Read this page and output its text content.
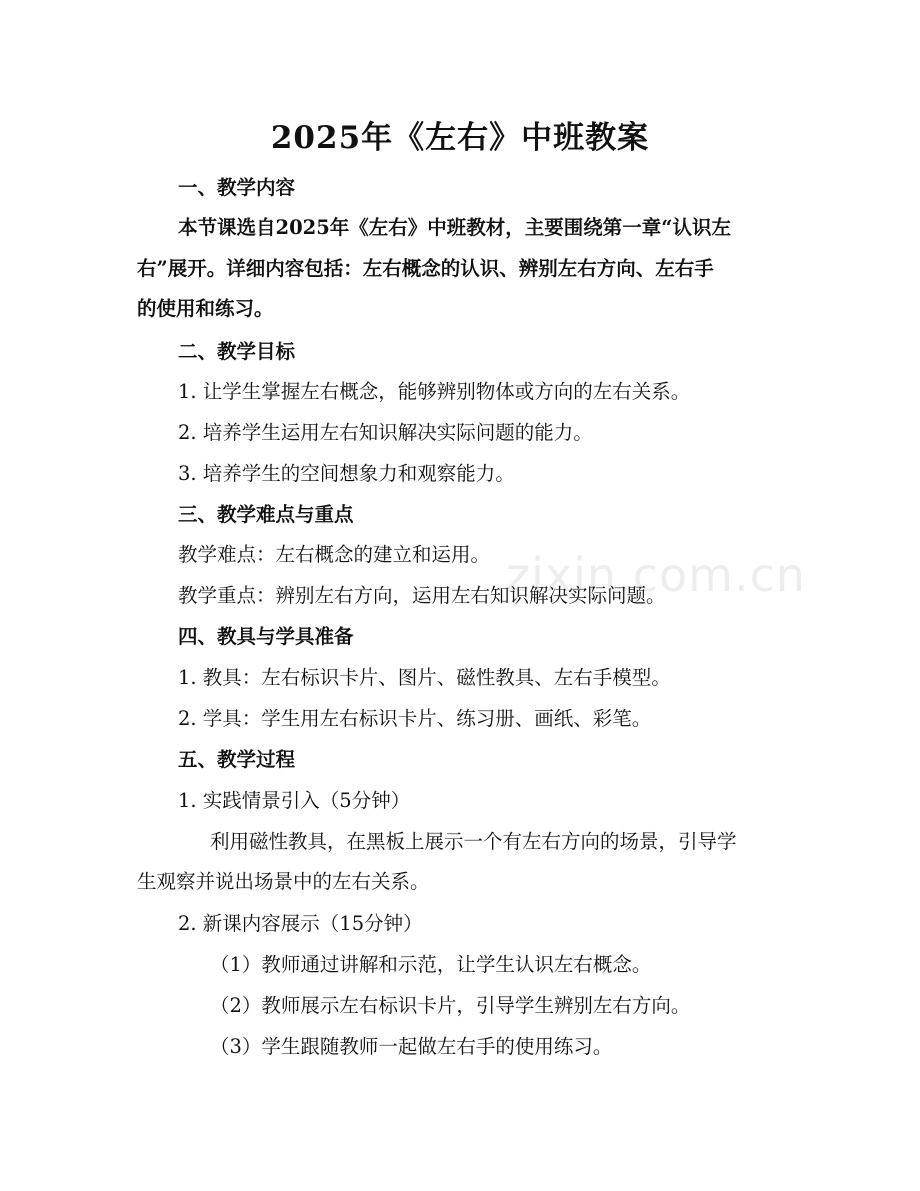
zixin.com.cn
2025年《左右》中班教案
一、教学内容
本节课选自2025年《左右》中班教材，主要围绕第一章“认识左
右”展开。详细内容包括：左右概念的认识、辨别左右方向、左右手
的使用和练习。
二、教学目标
1. 让学生掌握左右概念，能够辨别物体或方向的左右关系。
2. 培养学生运用左右知识解决实际问题的能力。
3. 培养学生的空间想象力和观察能力。
三、教学难点与重点
教学难点：左右概念的建立和运用。
教学重点：辨别左右方向，运用左右知识解决实际问题。
四、教具与学具准备
1. 教具：左右标识卡片、图片、磁性教具、左右手模型。
2. 学具：学生用左右标识卡片、练习册、画纸、彩笔。
五、教学过程
1. 实践情景引入（5分钟）
利用磁性教具，在黑板上展示一个有左右方向的场景，引导学
生观察并说出场景中的左右关系。
2. 新课内容展示（15分钟）
（1）教师通过讲解和示范，让学生认识左右概念。
（2）教师展示左右标识卡片，引导学生辨别左右方向。
（3）学生跟随教师一起做左右手的使用练习。
